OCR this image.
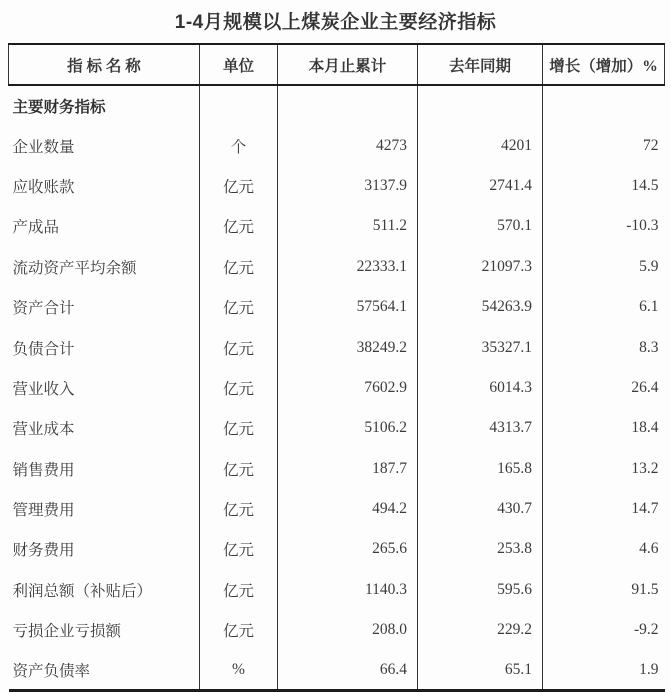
1-4月规模以上煤炭企业主要经济指标
指 标 名 称	单位	本月止累计	去年同期	增长（增加）%
主要财务指标				
企业数量	个	4273	4201	72
应收账款	亿元	3137.9	2741.4	14.5
产成品	亿元	511.2	570.1	-10.3
流动资产平均余额	亿元	22333.1	21097.3	5.9
资产合计	亿元	57564.1	54263.9	6.1
负债合计	亿元	38249.2	35327.1	8.3
营业收入	亿元	7602.9	6014.3	26.4
营业成本	亿元	5106.2	4313.7	18.4
销售费用	亿元	187.7	165.8	13.2
管理费用	亿元	494.2	430.7	14.7
财务费用	亿元	265.6	253.8	4.6
利润总额（补贴后）	亿元	1140.3	595.6	91.5
亏损企业亏损额	亿元	208.0	229.2	-9.2
资产负债率	%	66.4	65.1	1.9
